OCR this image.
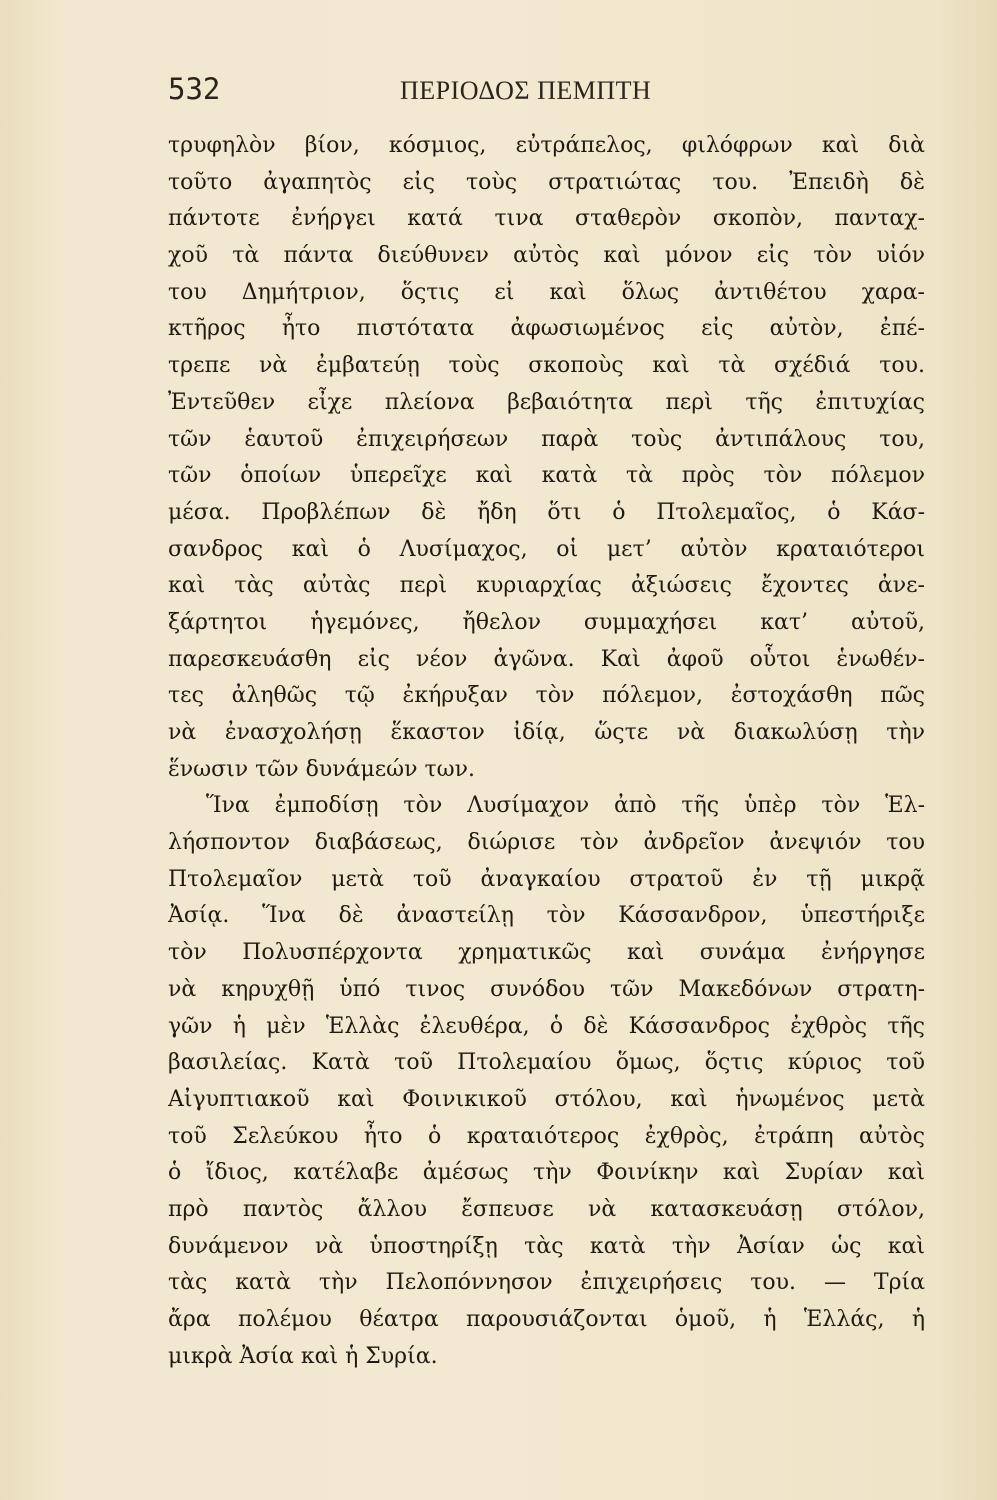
532	ΠΕΡΙΟΔΟΣ ΠΕΜΠΤΗ
τρυφηλὸν βίον, κόσμιος, εὐτράπελος, φιλόφρων καὶ διὰ
τοῦτο ἀγαπητὸς εἰς τοὺς στρατιώτας του. Ἐπειδὴ δὲ
πάντοτε ἐνήργει κατά τινα σταθερὸν σκοπὸν, πανταχ-
χοῦ τὰ πάντα διεύθυνεν αὐτὸς καὶ μόνον εἰς τὸν υἱόν
του Δημήτριον, ὅςτις εἰ καὶ ὅλως ἀντιθέτου χαρα-
κτῆρος ἦτο πιστότατα ἀφωσιωμένος εἰς αὐτὸν, ἐπέ-
τρεπε νὰ ἐμβατεύῃ τοὺς σκοποὺς καὶ τὰ σχέδιά του.
Ἐντεῦθεν εἶχε πλείονα βεβαιότητα περὶ τῆς ἐπιτυχίας
τῶν ἑαυτοῦ ἐπιχειρήσεων παρὰ τοὺς ἀντιπάλους του,
τῶν ὁποίων ὑπερεῖχε καὶ κατὰ τὰ πρὸς τὸν πόλεμον
μέσα. Προβλέπων δὲ ἤδη ὅτι ὁ Πτολεμαῖος, ὁ Κάσ-
σανδρος καὶ ὁ Λυσίμαχος, οἱ μετ’ αὐτὸν κραταιότεροι
καὶ τὰς αὐτὰς περὶ κυριαρχίας ἀξιώσεις ἔχοντες ἀνε-
ξάρτητοι ἡγεμόνες, ἤθελον συμμαχήσει κατ’ αὐτοῦ,
παρεσκευάσθη εἰς νέον ἀγῶνα. Καὶ ἀφοῦ οὗτοι ἑνωθέν-
τες ἀληθῶς τῷ ἐκήρυξαν τὸν πόλεμον, ἐστοχάσθη πῶς
νὰ ἐνασχολήσῃ ἕκαστον ἰδίᾳ, ὥςτε νὰ διακωλύσῃ τὴν
ἕνωσιν τῶν δυνάμεών των.
Ἵνα ἐμποδίσῃ τὸν Λυσίμαχον ἀπὸ τῆς ὑπὲρ τὸν Ἑλ-
λήσποντον διαβάσεως, διώρισε τὸν ἀνδρεῖον ἀνεψιόν του
Πτολεμαῖον μετὰ τοῦ ἀναγκαίου στρατοῦ ἐν τῇ μικρᾷ
Ἀσίᾳ. Ἵνα δὲ ἀναστείλῃ τὸν Κάσσανδρον, ὑπεστήριξε
τὸν Πολυσπέρχοντα χρηματικῶς καὶ συνάμα ἐνήργησε
νὰ κηρυχθῇ ὑπό τινος συνόδου τῶν Μακεδόνων στρατη-
γῶν ἡ μὲν Ἑλλὰς ἐλευθέρα, ὁ δὲ Κάσσανδρος ἐχθρὸς τῆς
βασιλείας. Κατὰ τοῦ Πτολεμαίου ὅμως, ὅςτις κύριος τοῦ
Αἰγυπτιακοῦ καὶ Φοινικικοῦ στόλου, καὶ ἡνωμένος μετὰ
τοῦ Σελεύκου ἦτο ὁ κραταιότερος ἐχθρὸς, ἐτράπη αὐτὸς
ὁ ἴδιος, κατέλαβε ἀμέσως τὴν Φοινίκην καὶ Συρίαν καὶ
πρὸ παντὸς ἄλλου ἔσπευσε νὰ κατασκευάσῃ στόλον,
δυνάμενον νὰ ὑποστηρίξῃ τὰς κατὰ τὴν Ἀσίαν ὡς καὶ
τὰς κατὰ τὴν Πελοπόννησον ἐπιχειρήσεις του. — Τρία
ἄρα πολέμου θέατρα παρουσιάζονται ὁμοῦ, ἡ Ἑλλάς, ἡ
μικρὰ Ἀσία καὶ ἡ Συρία.
